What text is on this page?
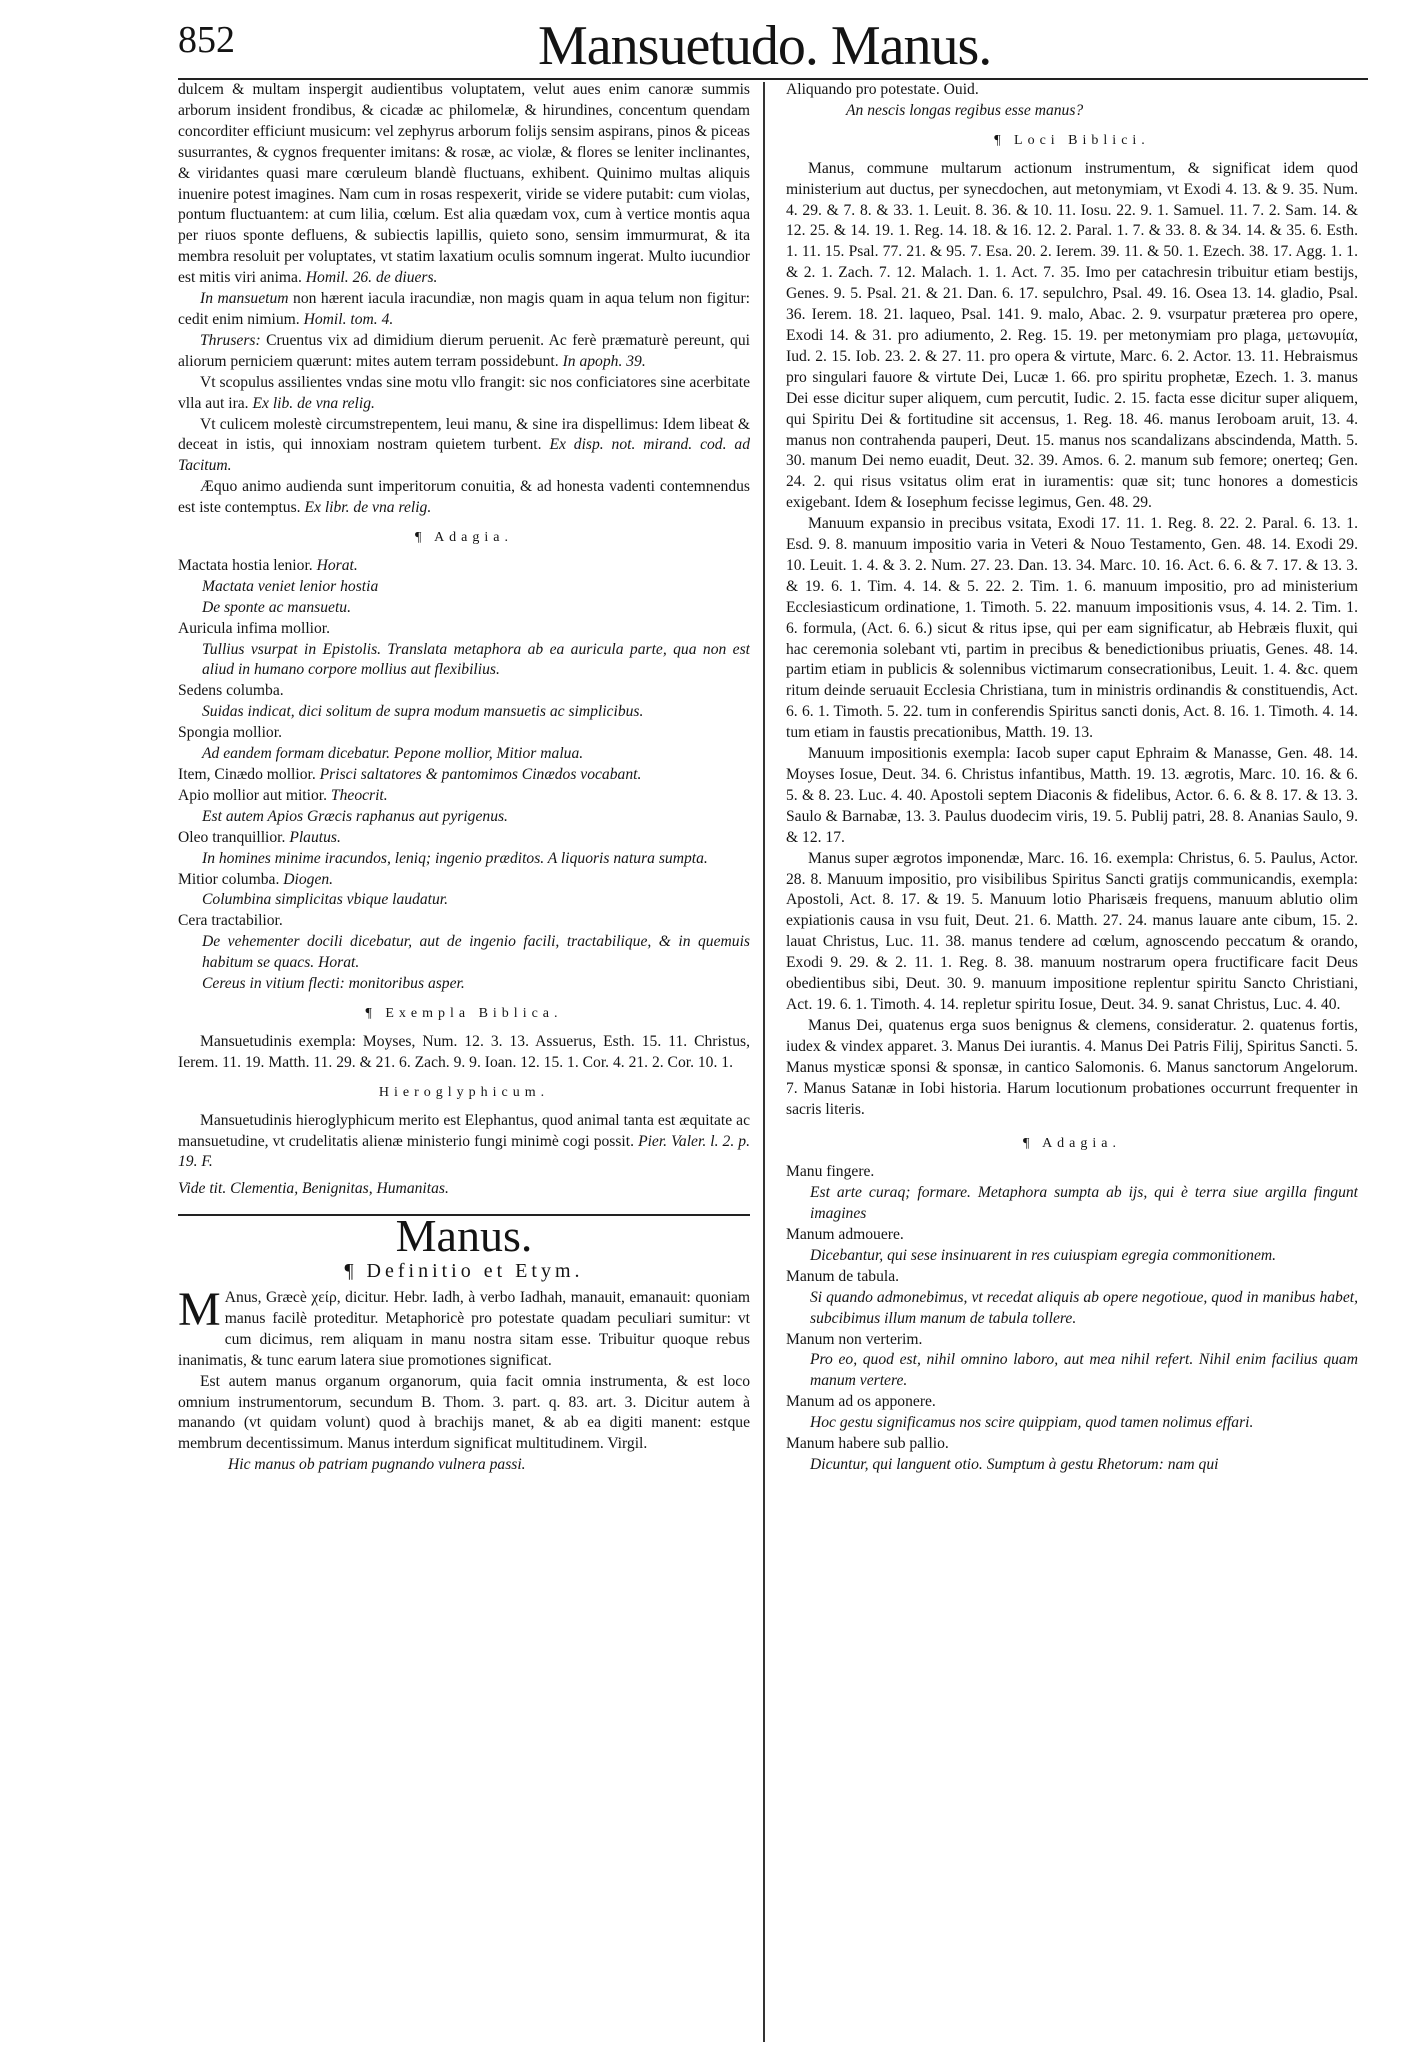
852	Mansuetudo. Manus.

dulcem & multam inspergit audientibus voluptatem, velut aues enim canoræ summis arborum insident frondibus, & cicadæ ac philomelæ, & hirundines, concentum quendam concorditer efficiunt musicum: vel zephyrus arborum folijs sensim aspirans, pinos & piceas susurrantes, & cygnos frequenter imitans: & rosæ, ac violæ, & flores se leniter inclinantes, & viridantes quasi mare cœruleum blandè fluctuans, exhibent. Quinimo multas aliquis inuenire potest imagines. Nam cum in rosas respexerit, viride se videre putabit: cum violas, pontum fluctuantem: at cum lilia, cœlum. Est alia quædam vox, cum à vertice montis aqua per riuos sponte defluens, & subiectis lapillis, quieto sono, sensim immurmurat, & ita membra resoluit per voluptates, vt statim laxatium oculis somnum ingerat. Multo iucundior est mitis viri anima. Homil. 26. de diuers.

In mansuetum non hærent iacula iracundiæ, non magis quam in aqua telum non figitur: cedit enim nimium. Homil. tom. 4.

Thrusers: Cruentus vix ad dimidium dierum peruenit. Ac ferè præmaturè pereunt, qui aliorum perniciem quærunt: mites autem terram possidebunt. In apoph. 39.

Vt scopulus assilientes vndas sine motu vllo frangit: sic nos conficiatores sine acerbitate vlla aut ira. Ex lib. de vna relig.

Vt culicem molestè circumstrepentem, leui manu, & sine ira dispellimus: Idem libeat & deceat in istis, qui innoxiam nostram quietem turbent. Ex disp. not. mirand. cod. ad Tacitum.

Æquo animo audienda sunt imperitorum conuitia, & ad honesta vadenti contemnendus est iste contemptus. Ex libr. de vna relig.

¶ Adagia.

Mactata hostia lenior. Horat.

Mactata veniet lenior hostia

De sponte ac mansuetu.

Auricula infima mollior.

Tullius vsurpat in Epistolis. Translata metaphora ab ea auricula parte, qua non est aliud in humano corpore mollius aut flexibilius.

Sedens columba.

Suidas indicat, dici solitum de supra modum mansuetis ac simplicibus.

Spongia mollior.

Ad eandem formam dicebatur. Pepone mollior, Mitior malua.

Item, Cinædo mollior. Prisci saltatores & pantomimos Cinædos vocabant.

Apio mollior aut mitior. Theocrit.

Est autem Apios Græcis raphanus aut pyrigenus.

Oleo tranquillior. Plautus.

In homines minime iracundos, leniq; ingenio præditos. A liquoris natura sumpta.

Mitior columba. Diogen.

Columbina simplicitas vbique laudatur.

Cera tractabilior.

De vehementer docili dicebatur, aut de ingenio facili, tractabilique, & in quemuis habitum se quacs. Horat.

Cereus in vitium flecti: monitoribus asper.

¶ Exempla Biblica.

Mansuetudinis exempla: Moyses, Num. 12. 3. 13. Assuerus, Esth. 15. 11. Christus, Ierem. 11. 19. Matth. 11. 29. & 21. 6. Zach. 9. 9. Ioan. 12. 15. 1. Cor. 4. 21. 2. Cor. 10. 1.

Hieroglyphicum.

Mansuetudinis hieroglyphicum merito est Elephantus, quod animal tanta est æquitate ac mansuetudine, vt crudelitatis alienæ ministerio fungi minimè cogi possit. Pier. Valer. l. 2. p. 19. F.

Vide tit. Clementia, Benignitas, Humanitas.

Manus.
¶ Definitio et Etym.

M Anus, Græcè χείρ, dicitur. Hebr. Iadh, à verbo Iadhah, manauit, emanauit: quoniam manus facilè proteditur. Metaphoricè pro potestate quadam peculiari sumitur: vt cum dicimus, rem aliquam in manu nostra sitam esse. Tribuitur quoque rebus inanimatis, & tunc earum latera siue promotiones significat.

Est autem manus organum organorum, quia facit omnia instrumenta, & est loco omnium instrumentorum, secundum B. Thom. 3. part. q. 83. art. 3. Dicitur autem à manando (vt quidam volunt) quod à brachijs manet, & ab ea digiti manent: estque membrum decentissimum. Manus interdum significat multitudinem. Virgil.

Hic manus ob patriam pugnando vulnera passi.

Aliquando pro potestate. Ouid.

An nescis longas regibus esse manus?

¶ Loci Biblici.

Manus, commune multarum actionum instrumentum, & significat idem quod ministerium aut ductus, per synecdochen, aut metonymiam, vt Exodi 4. 13. & 9. 35. Num. 4. 29. & 7. 8. & 33. 1. Leuit. 8. 36. & 10. 11. Iosu. 22. 9. 1. Samuel. 11. 7. 2. Sam. 14. & 12. 25. & 14. 19. 1. Reg. 14. 18. & 16. 12. 2. Paral. 1. 7. & 33. 8. & 34. 14. & 35. 6. Esth. 1. 11. 15. Psal. 77. 21. & 95. 7. Esa. 20. 2. Ierem. 39. 11. & 50. 1. Ezech. 38. 17. Agg. 1. 1. & 2. 1. Zach. 7. 12. Malach. 1. 1. Act. 7. 35. Imo per catachresin tribuitur etiam bestijs, Genes. 9. 5. Psal. 21. & 21. Dan. 6. 17. sepulchro, Psal. 49. 16. Osea 13. 14. gladio, Psal. 36. Ierem. 18. 21. laqueo, Psal. 141. 9. malo, Abac. 2. 9. vsurpatur præterea pro opere, Exodi 14. & 31. pro adiumento, 2. Reg. 15. 19. per metonymiam pro plaga, μετωνυμία, Iud. 2. 15. Iob. 23. 2. & 27. 11. pro opera & virtute, Marc. 6. 2. Actor. 13. 11. Hebraismus pro singulari fauore & virtute Dei, Lucæ 1. 66. pro spiritu prophetæ, Ezech. 1. 3. manus Dei esse dicitur super aliquem, cum percutit, Iudic. 2. 15. facta esse dicitur super aliquem, qui Spiritu Dei & fortitudine sit accensus, 1. Reg. 18. 46. manus Ieroboam aruit, 13. 4. manus non contrahenda pauperi, Deut. 15. manus nos scandalizans abscindenda, Matth. 5. 30. manum Dei nemo euadit, Deut. 32. 39. Amos. 6. 2. manum sub femore; onerteq; Gen. 24. 2. qui risus vsitatus olim erat in iuramentis: quæ sit; tunc honores a domesticis exigebant. Idem & Iosephum fecisse legimus, Gen. 48. 29.

Manuum expansio in precibus vsitata, Exodi 17. 11. 1. Reg. 8. 22. 2. Paral. 6. 13. 1. Esd. 9. 8. manuum impositio varia in Veteri & Nouo Testamento, Gen. 48. 14. Exodi 29. 10. Leuit. 1. 4. & 3. 2. Num. 27. 23. Dan. 13. 34. Marc. 10. 16. Act. 6. 6. & 7. 17. & 13. 3. & 19. 6. 1. Tim. 4. 14. & 5. 22. 2. Tim. 1. 6. manuum impositio, pro ad ministerium Ecclesiasticum ordinatione, 1. Timoth. 5. 22. manuum impositionis vsus, 4. 14. 2. Tim. 1. 6. formula, (Act. 6. 6.) sicut & ritus ipse, qui per eam significatur, ab Hebræis fluxit, qui hac ceremonia solebant vti, partim in precibus & benedictionibus priuatis, Genes. 48. 14. partim etiam in publicis & solennibus victimarum consecrationibus, Leuit. 1. 4. &c. quem ritum deinde seruauit Ecclesia Christiana, tum in ministris ordinandis & constituendis, Act. 6. 6. 1. Timoth. 5. 22. tum in conferendis Spiritus sancti donis, Act. 8. 16. 1. Timoth. 4. 14. tum etiam in faustis precationibus, Matth. 19. 13.

Manuum impositionis exempla: Iacob super caput Ephraim & Manasse, Gen. 48. 14. Moyses Iosue, Deut. 34. 6. Christus infantibus, Matth. 19. 13. ægrotis, Marc. 10. 16. & 6. 5. & 8. 23. Luc. 4. 40. Apostoli septem Diaconis & fidelibus, Actor. 6. 6. & 8. 17. & 13. 3. Saulo & Barnabæ, 13. 3. Paulus duodecim viris, 19. 5. Publij patri, 28. 8. Ananias Saulo, 9. & 12. 17.

Manus super ægrotos imponendæ, Marc. 16. 16. exempla: Christus, 6. 5. Paulus, Actor. 28. 8. Manuum impositio, pro visibilibus Spiritus Sancti gratijs communicandis, exempla: Apostoli, Act. 8. 17. & 19. 5. Manuum lotio Pharisæis frequens, manuum ablutio olim expiationis causa in vsu fuit, Deut. 21. 6. Matth. 27. 24. manus lauare ante cibum, 15. 2. lauat Christus, Luc. 11. 38. manus tendere ad cœlum, agnoscendo peccatum & orando, Exodi 9. 29. & 2. 11. 1. Reg. 8. 38. manuum nostrarum opera fructificare facit Deus obedientibus sibi, Deut. 30. 9. manuum impositione replentur spiritu Sancto Christiani, Act. 19. 6. 1. Timoth. 4. 14. repletur spiritu Iosue, Deut. 34. 9. sanat Christus, Luc. 4. 40.

Manus Dei, quatenus erga suos benignus & clemens, consideratur. 2. quatenus fortis, iudex & vindex apparet. 3. Manus Dei iurantis. 4. Manus Dei Patris Filij, Spiritus Sancti. 5. Manus mysticæ sponsi & sponsæ, in cantico Salomonis. 6. Manus sanctorum Angelorum. 7. Manus Satanæ in Iobi historia. Harum locutionum probationes occurrunt frequenter in sacris literis.

¶ Adagia.

Manu fingere.

Est arte curaq; formare. Metaphora sumpta ab ijs, qui è terra siue argilla fingunt imagines

Manum admouere.

Dicebantur, qui sese insinuarent in res cuiuspiam egregia commonitionem.

Manum de tabula.

Si quando admonebimus, vt recedat aliquis ab opere negotioue, quod in manibus habet, subcibimus illum manum de tabula tollere.

Manum non verterim.

Pro eo, quod est, nihil omnino laboro, aut mea nihil refert. Nihil enim facilius quam manum vertere.

Manum ad os apponere.

Hoc gestu significamus nos scire quippiam, quod tamen nolimus effari.

Manum habere sub pallio.

Dicuntur, qui languent otio. Sumptum à gestu Rhetorum: nam qui
